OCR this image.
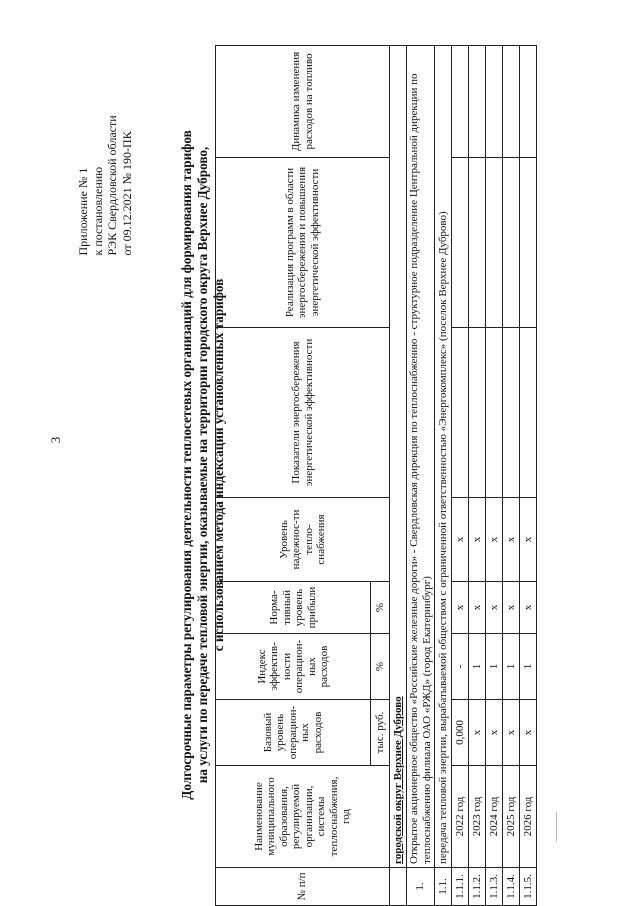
3
Приложение № 1 к постановлению РЭК Свердловской области от 09.12.2021 № 190-ПК	Долгосрочные параметры регулирования деятельности теплосетевых организаций для формирования тарифов на услуги по передаче тепловой энергии, оказываемые на территории городского округа Верхнее Дуброво, с использованием метода индексации установленных тарифов
№ п/п	Наименование муниципального образования, регулируемой организации, системы теплоснабжения, год	Базовый уровень операцион-ных расходов	Индекс эффектив-ности операцион-ных расходов	Норма-тивный уровень прибыли	Уровень надежнос-ти тепло-снабжения	Показатели энергосбережения энергетической эффективности	Реализация программ в области энергосбережения и повышения энергетической эффективности	Динамика изменения расходов на топливо
		тыс. руб.	%	%				
	городской округ Верхнее Дуброво							
1.	Открытое акционерное общество «Российские железные дороги» - Свердловская дирекция по теплоснабжению - структурное подразделение Центральной дирекции по теплоснабжению филиала ОАО «РЖД» (город Екатеринбург)							
1.1.	передача тепловой энергии, вырабатываемой обществом с ограниченной ответственностью «Энергокомплекс» (поселок Верхнее Дуброво)							
1.1.1.	2022 год	0,000	-	х	х			
1.1.2.	2023 год	х	1	х	х			
1.1.3.	2024 год	х	1	х	х			
1.1.4.	2025 год	х	1	х	х			
1.1.5.	2026 год	х	1	х	х			
